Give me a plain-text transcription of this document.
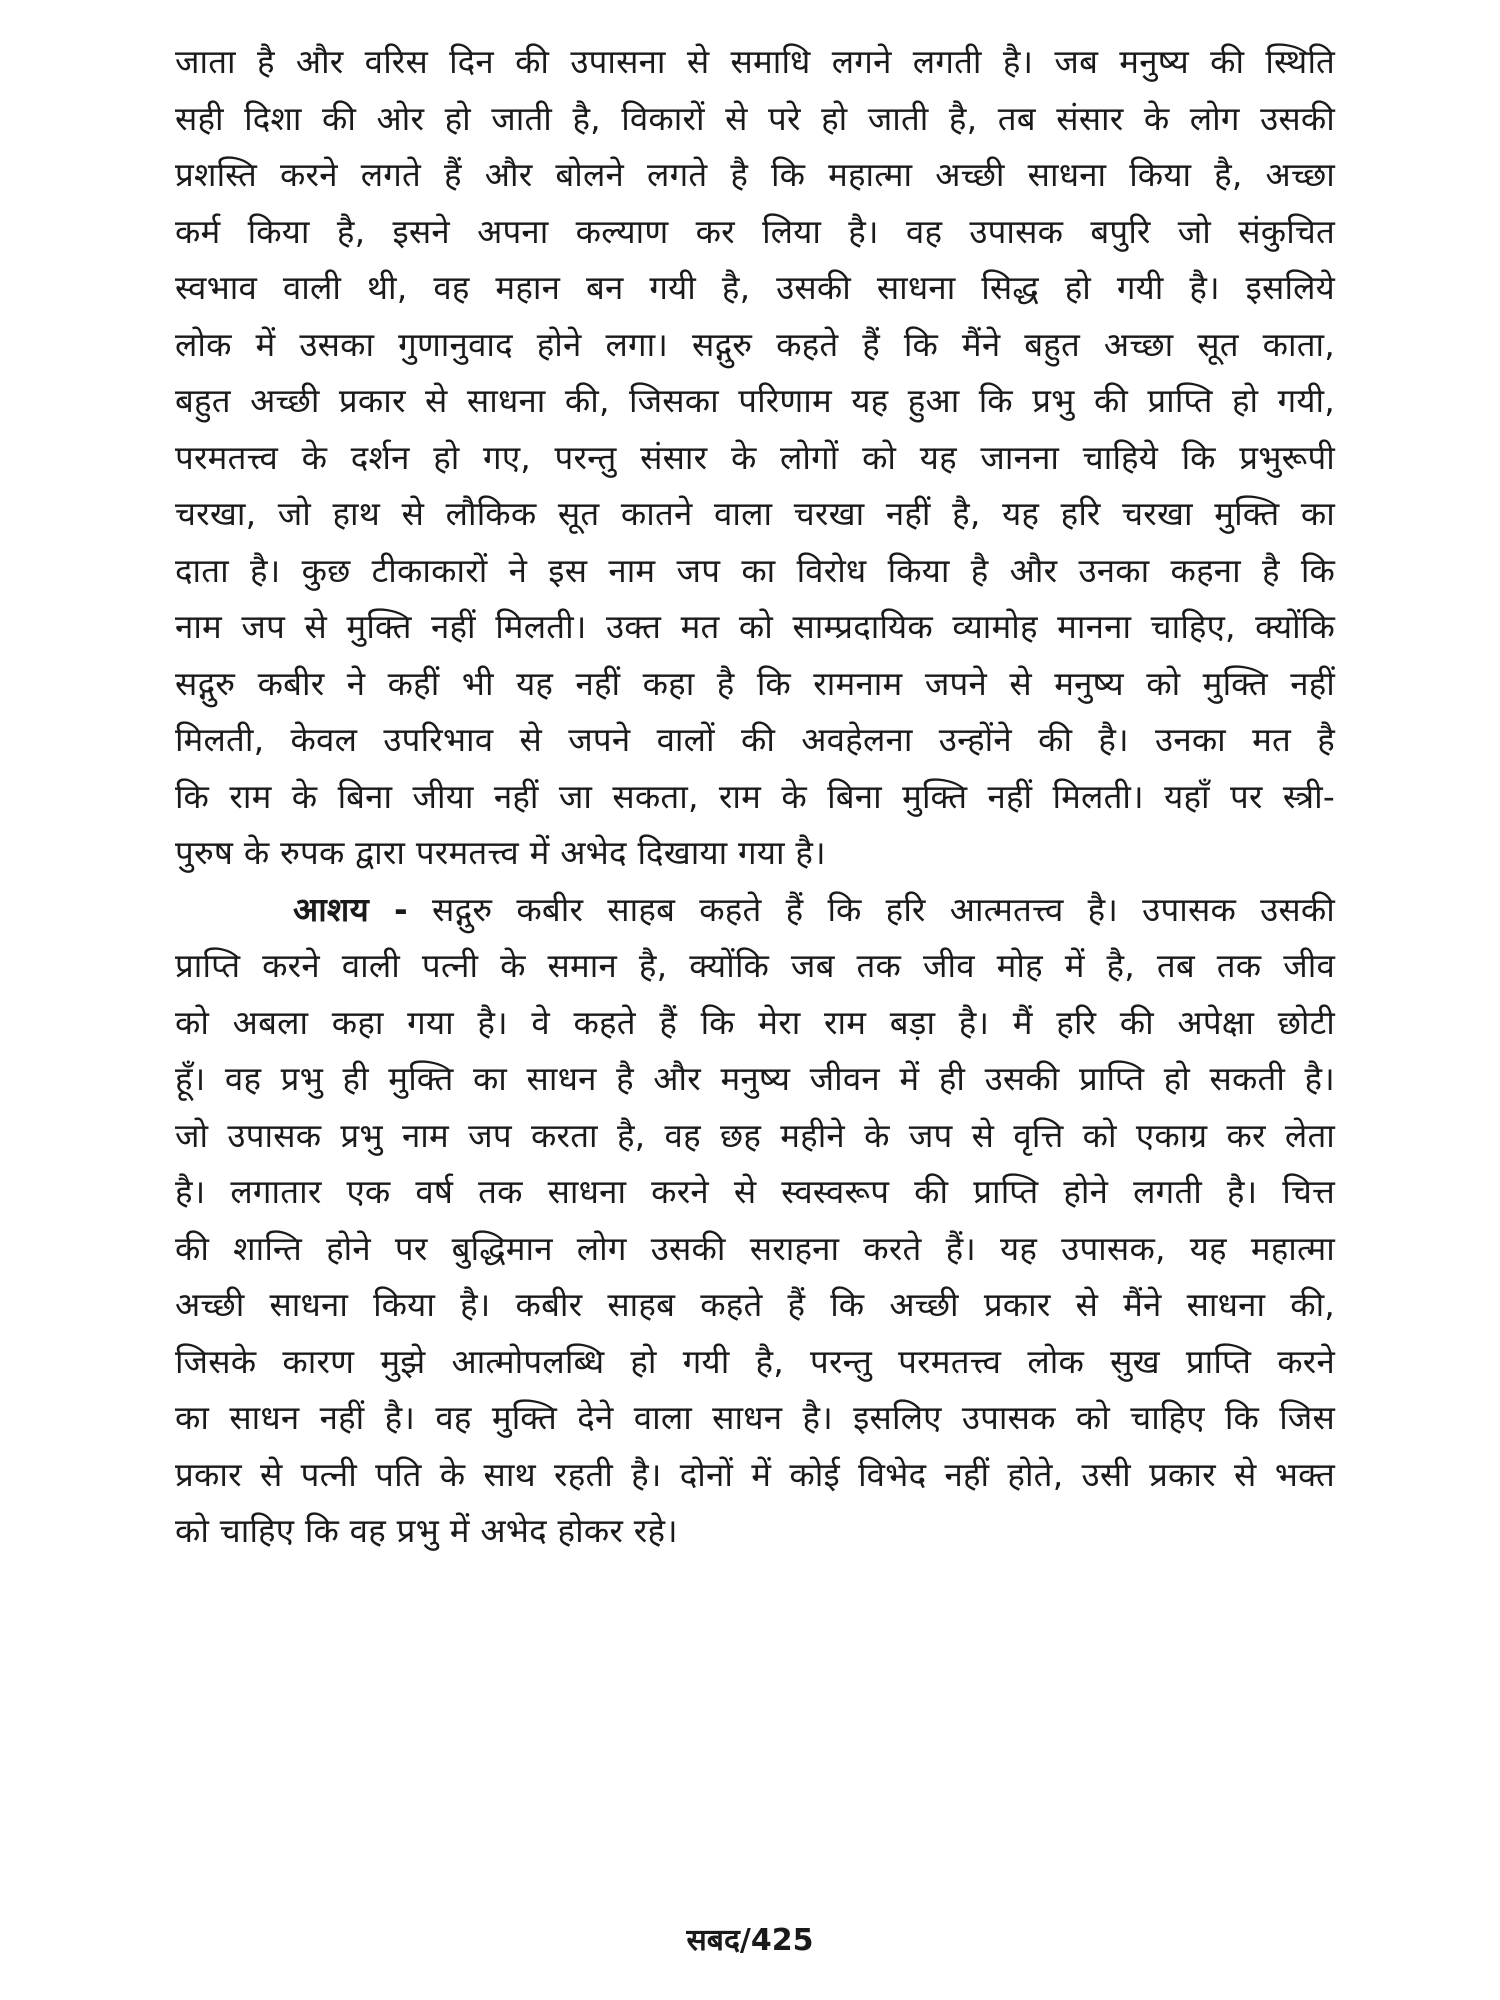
जाता है और वरिस दिन की उपासना से समाधि लगने लगती है। जब मनुष्य की स्थिति
सही दिशा की ओर हो जाती है, विकारों से परे हो जाती है, तब संसार के लोग उसकी
प्रशस्ति करने लगते हैं और बोलने लगते है कि महात्मा अच्छी साधना किया है, अच्छा
कर्म किया है, इसने अपना कल्याण कर लिया है। वह उपासक बपुरि जो संकुचित
स्वभाव वाली थी, वह महान बन गयी है, उसकी साधना सिद्ध हो गयी है। इसलिये
लोक में उसका गुणानुवाद होने लगा। सद्गुरु कहते हैं कि मैंने बहुत अच्छा सूत काता,
बहुत अच्छी प्रकार से साधना की, जिसका परिणाम यह हुआ कि प्रभु की प्राप्ति हो गयी,
परमतत्त्व के दर्शन हो गए, परन्तु संसार के लोगों को यह जानना चाहिये कि प्रभुरूपी
चरखा, जो हाथ से लौकिक सूत कातने वाला चरखा नहीं है, यह हरि चरखा मुक्ति का
दाता है। कुछ टीकाकारों ने इस नाम जप का विरोध किया है और उनका कहना है कि
नाम जप से मुक्ति नहीं मिलती। उक्त मत को साम्प्रदायिक व्यामोह मानना चाहिए, क्योंकि
सद्गुरु कबीर ने कहीं भी यह नहीं कहा है कि रामनाम जपने से मनुष्य को मुक्ति नहीं
मिलती, केवल उपरिभाव से जपने वालों की अवहेलना उन्होंने की है। उनका मत है
कि राम के बिना जीया नहीं जा सकता, राम के बिना मुक्ति नहीं मिलती। यहाँ पर स्त्री-
पुरुष के रुपक द्वारा परमतत्त्व में अभेद दिखाया गया है।
आशय - सद्गुरु कबीर साहब कहते हैं कि हरि आत्मतत्त्व है। उपासक उसकी
प्राप्ति करने वाली पत्नी के समान है, क्योंकि जब तक जीव मोह में है, तब तक जीव
को अबला कहा गया है। वे कहते हैं कि मेरा राम बड़ा है। मैं हरि की अपेक्षा छोटी
हूँ। वह प्रभु ही मुक्ति का साधन है और मनुष्य जीवन में ही उसकी प्राप्ति हो सकती है।
जो उपासक प्रभु नाम जप करता है, वह छह महीने के जप से वृत्ति को एकाग्र कर लेता
है। लगातार एक वर्ष तक साधना करने से स्वस्वरूप की प्राप्ति होने लगती है। चित्त
की शान्ति होने पर बुद्धिमान लोग उसकी सराहना करते हैं। यह उपासक, यह महात्मा
अच्छी साधना किया है। कबीर साहब कहते हैं कि अच्छी प्रकार से मैंने साधना की,
जिसके कारण मुझे आत्मोपलब्धि हो गयी है, परन्तु परमतत्त्व लोक सुख प्राप्ति करने
का साधन नहीं है। वह मुक्ति देने वाला साधन है। इसलिए उपासक को चाहिए कि जिस
प्रकार से पत्नी पति के साथ रहती है। दोनों में कोई विभेद नहीं होते, उसी प्रकार से भक्त
को चाहिए कि वह प्रभु में अभेद होकर रहे।
सबद/425
